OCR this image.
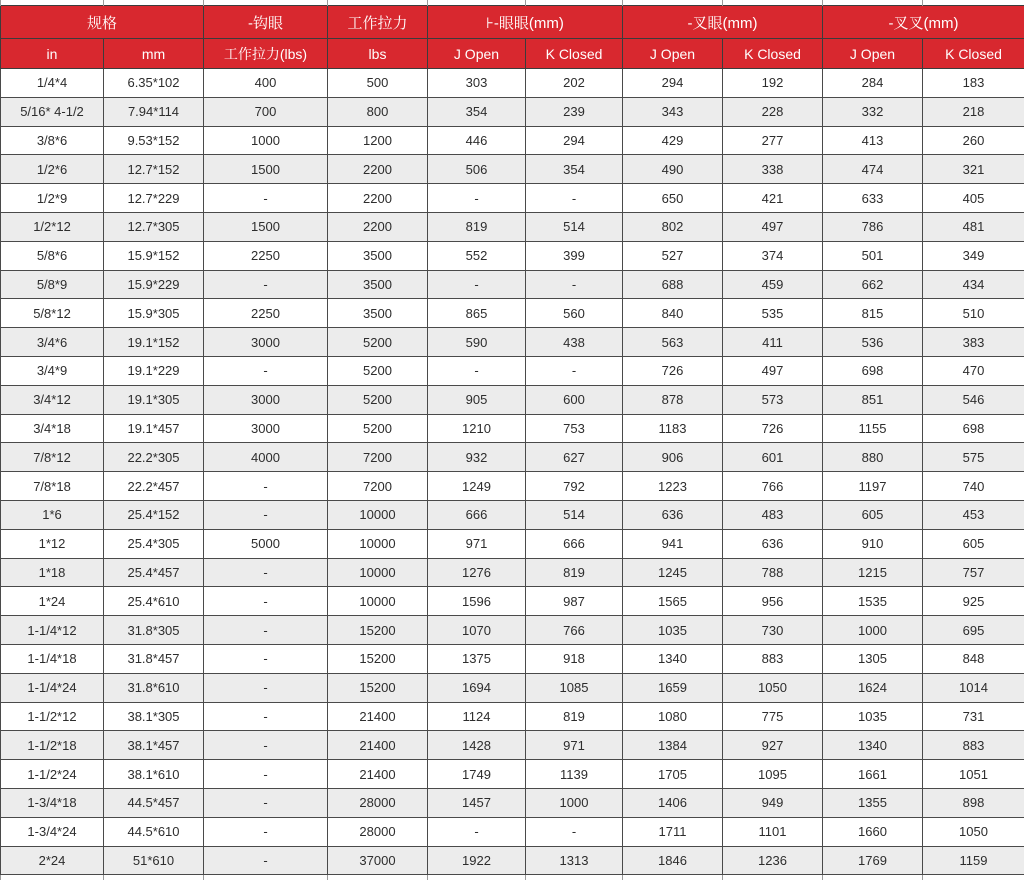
规格		-钩眼	工作拉力	⊦-眼眼(mm)		-叉眼(mm)		-叉叉(mm)	
in	mm	工作拉力(lbs)	lbs	J Open	K Closed	J Open	K Closed	J Open	K Closed
1/4*4	6.35*102	400	500	303	202	294	192	284	183
5/16* 4-1/2	7.94*114	700	800	354	239	343	228	332	218
3/8*6	9.53*152	1000	1200	446	294	429	277	413	260
1/2*6	12.7*152	1500	2200	506	354	490	338	474	321
1/2*9	12.7*229	-	2200	-	-	650	421	633	405
1/2*12	12.7*305	1500	2200	819	514	802	497	786	481
5/8*6	15.9*152	2250	3500	552	399	527	374	501	349
5/8*9	15.9*229	-	3500	-	-	688	459	662	434
5/8*12	15.9*305	2250	3500	865	560	840	535	815	510
3/4*6	19.1*152	3000	5200	590	438	563	411	536	383
3/4*9	19.1*229	-	5200	-	-	726	497	698	470
3/4*12	19.1*305	3000	5200	905	600	878	573	851	546
3/4*18	19.1*457	3000	5200	1210	753	1183	726	1155	698
7/8*12	22.2*305	4000	7200	932	627	906	601	880	575
7/8*18	22.2*457	-	7200	1249	792	1223	766	1197	740
1*6	25.4*152	-	10000	666	514	636	483	605	453
1*12	25.4*305	5000	10000	971	666	941	636	910	605
1*18	25.4*457	-	10000	1276	819	1245	788	1215	757
1*24	25.4*610	-	10000	1596	987	1565	956	1535	925
1-1/4*12	31.8*305	-	15200	1070	766	1035	730	1000	695
1-1/4*18	31.8*457	-	15200	1375	918	1340	883	1305	848
1-1/4*24	31.8*610	-	15200	1694	1085	1659	1050	1624	1014
1-1/2*12	38.1*305	-	21400	1124	819	1080	775	1035	731
1-1/2*18	38.1*457	-	21400	1428	971	1384	927	1340	883
1-1/2*24	38.1*610	-	21400	1749	1139	1705	1095	1661	1051
1-3/4*18	44.5*457	-	28000	1457	1000	1406	949	1355	898
1-3/4*24	44.5*610	-	28000	-	-	1711	1101	1660	1050
2*24	51*610	-	37000	1922	1313	1846	1236	1769	1159
